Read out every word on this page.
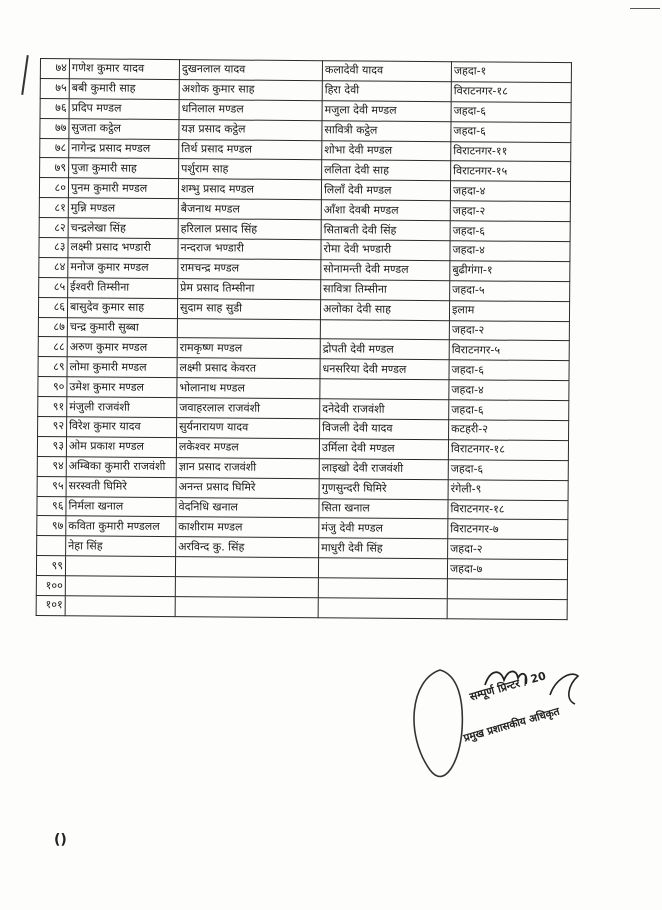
७४	गणेश कुमार यादव	दुखनलाल यादव	कलादेवी यादव	जहदा-१
७५	बबी कुमारी साह	अशोक कुमार साह	हिरा देवी	विराटनगर-१८
७६	प्रदिप मण्डल	धनिलाल मण्डल	मजुला देवी मण्डल	जहदा-६
७७	सुजता कट्ठेल	यज्ञ प्रसाद कट्ठेल	सावित्री कट्ठेल	जहदा-६
७८	नागेन्द्र प्रसाद मण्डल	तिर्थ प्रसाद मण्डल	शोभा देवी मण्डल	विराटनगर-११
७९	पुजा कुमारी साह	पर्शुराम साह	ललिता देवी साह	विराटनगर-१५
८०	पुनम कुमारी मण्डल	शम्भु प्रसाद मण्डल	लिलाँ देवी मण्डल	जहदा-४
८१	मुन्नि मण्डल	बैजनाथ मण्डल	आँशा देवबी मण्डल	जहदा-२
८२	चन्द्रलेखा सिंह	हरिलाल प्रसाद सिंह	सिताबती देवी सिंह	जहदा-६
८३	लक्ष्मी प्रसाद भण्डारी	नन्दराज भण्डारी	रोमा देवी भण्डारी	जहदा-४
८४	मनोज कुमार मण्डल	रामचन्द्र मण्डल	सोनामन्ती देवी मण्डल	बुढीगंगा-१
८५	ईश्वरी तिम्सीना	प्रेम प्रसाद तिम्सीना	सावित्रा तिम्सीना	जहदा-५
८६	बासुदेव कुमार साह	सुदाम साह सुडी	अलोका देवी साह	इलाम
८७	चन्द्र कुमारी सुब्बा			जहदा-२
८८	अरुण कुमार मण्डल	रामकृष्ण मण्डल	द्रोपती देवी मण्डल	विराटनगर-५
८९	लोमा कुमारी मण्डल	लक्ष्मी प्रसाद केवरत	धनसरिया देवी मण्डल	जहदा-६
९०	उमेश कुमार मण्डल	भोलानाथ मण्डल		जहदा-४
९१	मंजुली राजवंशी	जवाहरलाल राजवंशी	दनेदेवी राजवंशी	जहदा-६
९२	विरेश कुमार यादव	सुर्यनारायण यादव	विजली देवी यादव	कटहरी-२
९३	ओम प्रकाश मण्डल	लकेश्वर मण्डल	उर्मिला देवी मण्डल	विराटनगर-१८
९४	अम्बिका कुमारी राजवंशी	ज्ञान प्रसाद राजवंशी	लाइखो देवी राजवंशी	जहदा-६
९५	सरस्वती घिमिरे	अनन्त प्रसाद घिमिरे	गुणसुन्दरी घिमिरे	रंगेली-९
९६	निर्मला खनाल	वेदनिधि खनाल	सिता खनाल	विराटनगर-१८
९७	कविता कुमारी मण्डलल	काशीराम मण्डल	मंजु देवी मण्डल	विराटनगर-७
	नेहा सिंह	अरविन्द कु. सिंह	माधुरी देवी सिंह	जहदा-२
९९				जहदा-७
१००				
१०१				
सम्पूर्ण प्रिन्टर / 20
प्रमुख प्रशासकीय अधिकृत
()
